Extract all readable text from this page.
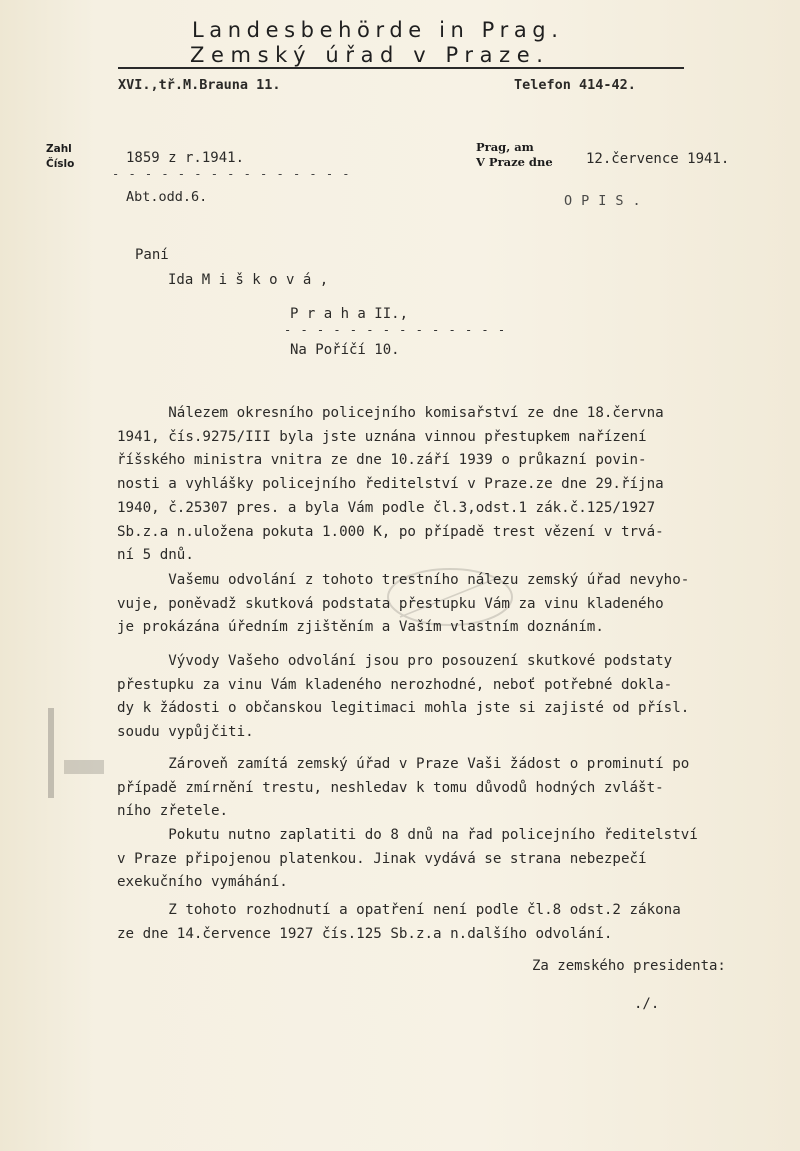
Landesbehörde in Prag.
Zemský úřad v Praze.
XVI.,tř.M.Brauna 11.	Telefon 414-42.
Zahl
Číslo	1859 z r.1941.
- - - - - - - - - - - - - - -
Abt.odd.6.
Prag, am
V Praze dne 12.července 1941.
OPIS.
Paní
Ida M i š k o v á ,
P r a h a II.,
- - - - - - - - - - - - - -
Na Poříčí 10.
Nálezem okresního policejního komisařství ze dne 18.června
1941, čís.9275/III byla jste uznána vinnou přestupkem nařízení
říšského ministra vnitra ze dne 10.září 1939 o průkazní povin-
nosti a vyhlášky policejního ředitelství v Praze.ze dne 29.října
1940, č.25307 pres. a byla Vám podle čl.3,odst.1 zák.č.125/1927
Sb.z.a n.uložena pokuta 1.000 K, po případě trest vězení v trvá-
ní 5 dnů.
Vašemu odvolání z tohoto trestního nálezu zemský úřad nevyho-
vuje, poněvadž skutková podstata přestupku Vám za vinu kladeného
je prokázána úředním zjištěním a Vaším vlastním doznáním.
Vývody Vašeho odvolání jsou pro posouzení skutkové podstaty
přestupku za vinu Vám kladeného nerozhodné, neboť potřebné doklа-
dy k žádosti o občanskou legitimaci mohla jste si zajisté od přísl.
soudu vypůjčiti.
Zároveň zamítá zemský úřad v Praze Vaši žádost o prominutí po
případě zmírnění trestu, neshledav k tomu důvodů hodných zvlášt-
ního zřetele.
Pokutu nutno zaplatiti do 8 dnů na řad policejního ředitelství
v Praze připojenou platenkou. Jinak vydává se strana nebezpečí
exekučního vymáhání.
Z tohoto rozhodnutí a opatření není podle čl.8 odst.2 zákona
ze dne 14.července 1927 čís.125 Sb.z.a n.dalšího odvolání.
Za zemského presidenta:
./.
